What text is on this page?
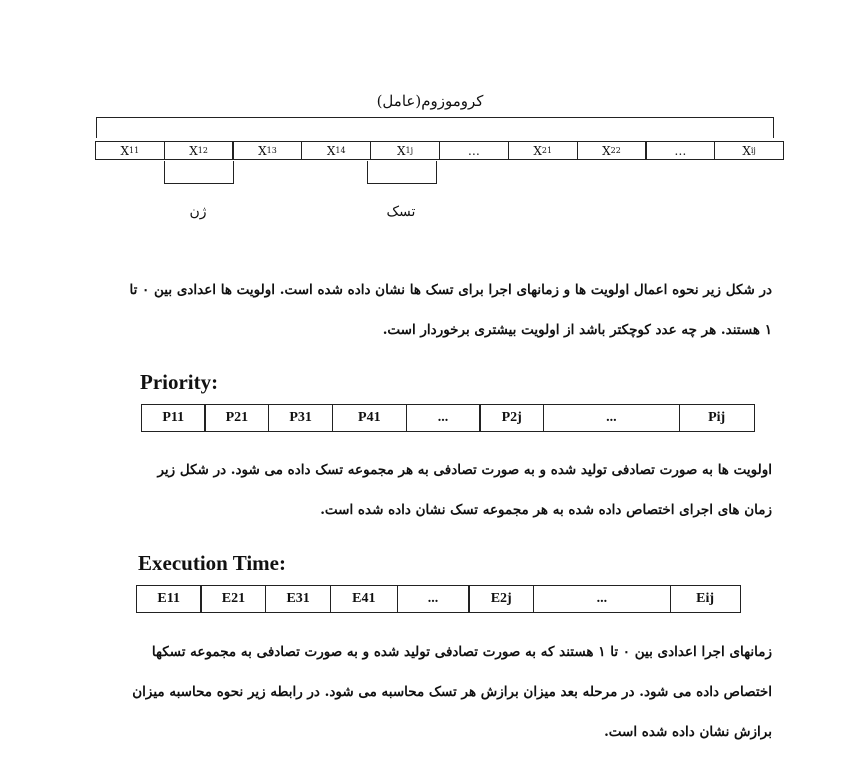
کروموزوم(عامل)
X 11	X 12	X 13	X 14	X 1j	…	X 21	X 22	…	X ij
ژن	تسک
در شکل زیر نحوه اعمال اولویت ها و زمانهای اجرا برای تسک ها نشان داده شده است. اولویت ها اعدادی بین ۰ تا
۱ هستند. هر چه عدد کوچکتر باشد از اولویت بیشتری برخوردار است.
Priority:
P11	P21	P31	P41	...	P2j	...	Pij
اولویت ها به صورت تصادفی تولید شده و به صورت تصادفی به هر مجموعه تسک داده می شود. در شکل زیر
زمان های اجرای اختصاص داده شده به هر مجموعه تسک نشان داده شده است.
Execution Time:
E11	E21	E31	E41	...	E2j	...	Eij
زمانهای اجرا اعدادی بین ۰ تا ۱ هستند که به صورت تصادفی تولید شده و به صورت تصادفی به مجموعه تسکها
اختصاص داده می شود. در مرحله بعد میزان برازش هر تسک محاسبه می شود. در رابطه زیر نحوه محاسبه میزان
برازش نشان داده شده است.
